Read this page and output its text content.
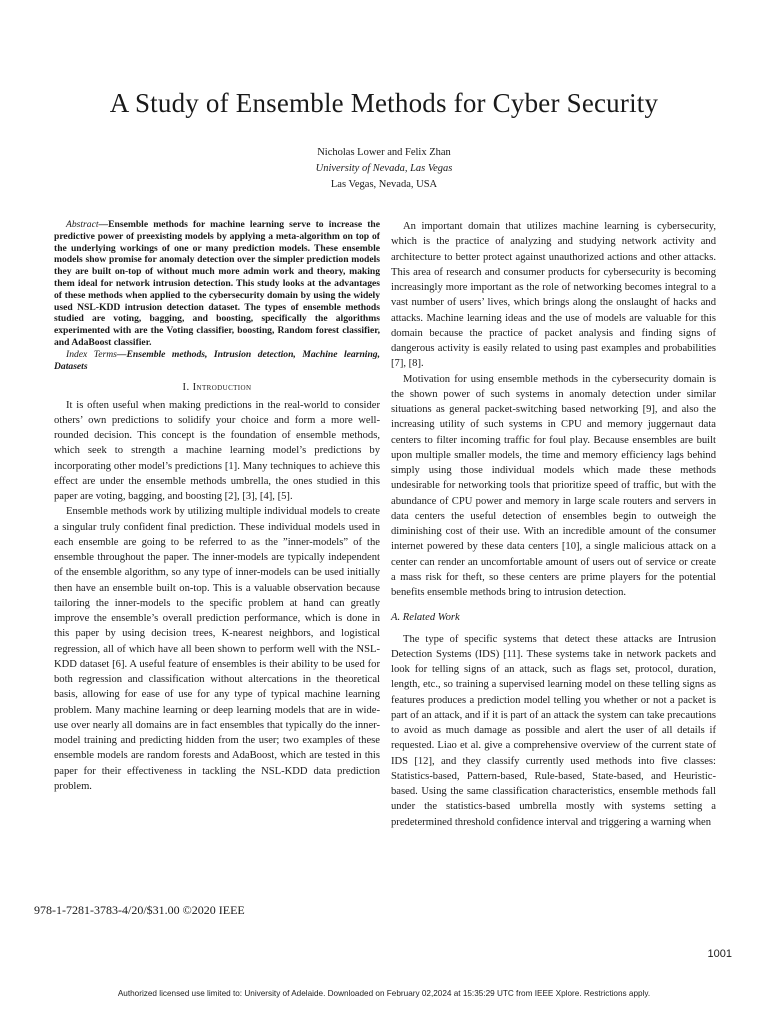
A Study of Ensemble Methods for Cyber Security
Nicholas Lower and Felix Zhan
University of Nevada, Las Vegas
Las Vegas, Nevada, USA

Abstract—Ensemble methods for machine learning serve to increase the predictive power of preexisting models by applying a meta-algorithm on top of the underlying workings of one or many prediction models. These ensemble models show promise for anomaly detection over the simpler prediction models they are built on-top of without much more admin work and theory, making them ideal for network intrusion detection. This study looks at the advantages of these methods when applied to the cybersecurity domain by using the widely used NSL-KDD intrusion detection dataset. The types of ensemble methods studied are voting, bagging, and boosting, specifically the algorithms experimented with are the Voting classifier, boosting, Random forest classifier, and AdaBoost classifier.

Index Terms—Ensemble methods, Intrusion detection, Machine learning, Datasets

I. Introduction

It is often useful when making predictions in the real-world to consider others’ own predictions to solidify your choice and form a more well-rounded decision. This concept is the foundation of ensemble methods, which seek to strength a machine learning model’s predictions by incorporating other model’s predictions [1]. Many techniques to achieve this effect are under the ensemble methods umbrella, the ones studied in this paper are voting, bagging, and boosting [2], [3], [4], [5].

Ensemble methods work by utilizing multiple individual models to create a singular truly confident final prediction. These individual models used in each ensemble are going to be referred to as the ”inner-models” of the ensemble throughout the paper. The inner-models are typically independent of the ensemble algorithm, so any type of inner-models can be used initially then have an ensemble built on-top. This is a valuable observation because tailoring the inner-models to the specific problem at hand can greatly improve the ensemble’s overall prediction performance, which is done in this paper by using decision trees, K-nearest neighbors, and logistical regression, all of which have all been shown to perform well with the NSL-KDD dataset [6]. A useful feature of ensembles is their ability to be used for both regression and classification without altercations in the theoretical basis, allowing for ease of use for any type of typical machine learning problem. Many machine learning or deep learning models that are in wide-use over nearly all domains are in fact ensembles that typically do the inner-model training and predicting hidden from the user; two examples of these ensemble models are random forests and AdaBoost, which are tested in this paper for their effectiveness in tackling the NSL-KDD data prediction problem.

An important domain that utilizes machine learning is cybersecurity, which is the practice of analyzing and studying network activity and architecture to better protect against unauthorized actions and other attacks. This area of research and consumer products for cybersecurity is becoming increasingly more important as the role of networking becomes integral to a vast number of users’ lives, which brings along the onslaught of hacks and attacks. Machine learning ideas and the use of models are valuable for this domain because the practice of packet analysis and finding signs of dangerous activity is easily related to using past examples and probabilities [7], [8].

Motivation for using ensemble methods in the cybersecurity domain is the shown power of such systems in anomaly detection under similar situations as general packet-switching based networking [9], and also the increasing utility of such systems in CPU and memory juggernaut data centers to filter incoming traffic for foul play. Because ensembles are built upon multiple smaller models, the time and memory efficiency lags behind simply using those individual models which made these methods undesirable for networking tools that prioritize speed of traffic, but with the abundance of CPU power and memory in large scale routers and servers in data centers the useful detection of ensembles begin to outweigh the diminishing cost of their use. With an incredible amount of the consumer internet powered by these data centers [10], a single malicious attack on a center can render an uncomfortable amount of users out of service or create a mass risk for theft, so these centers are prime players for the potential benefits ensemble methods bring to intrusion detection.

A. Related Work

The type of specific systems that detect these attacks are Intrusion Detection Systems (IDS) [11]. These systems take in network packets and look for telling signs of an attack, such as flags set, protocol, duration, length, etc., so training a supervised learning model on these telling signs as features produces a prediction model telling you whether or not a packet is part of an attack, and if it is part of an attack the system can take precautions to avoid as much damage as possible and alert the user of all details if requested. Liao et al. give a comprehensive overview of the current state of IDS [12], and they classify currently used methods into five classes: Statistics-based, Pattern-based, Rule-based, State-based, and Heuristic-based. Using the same classification characteristics, ensemble methods fall under the statistics-based umbrella mostly with systems setting a predetermined threshold confidence interval and triggering a warning when

978-1-7281-3783-4/20/$31.00 ©2020 IEEE
1001
Authorized licensed use limited to: University of Adelaide. Downloaded on February 02,2024 at 15:35:29 UTC from IEEE Xplore. Restrictions apply.
